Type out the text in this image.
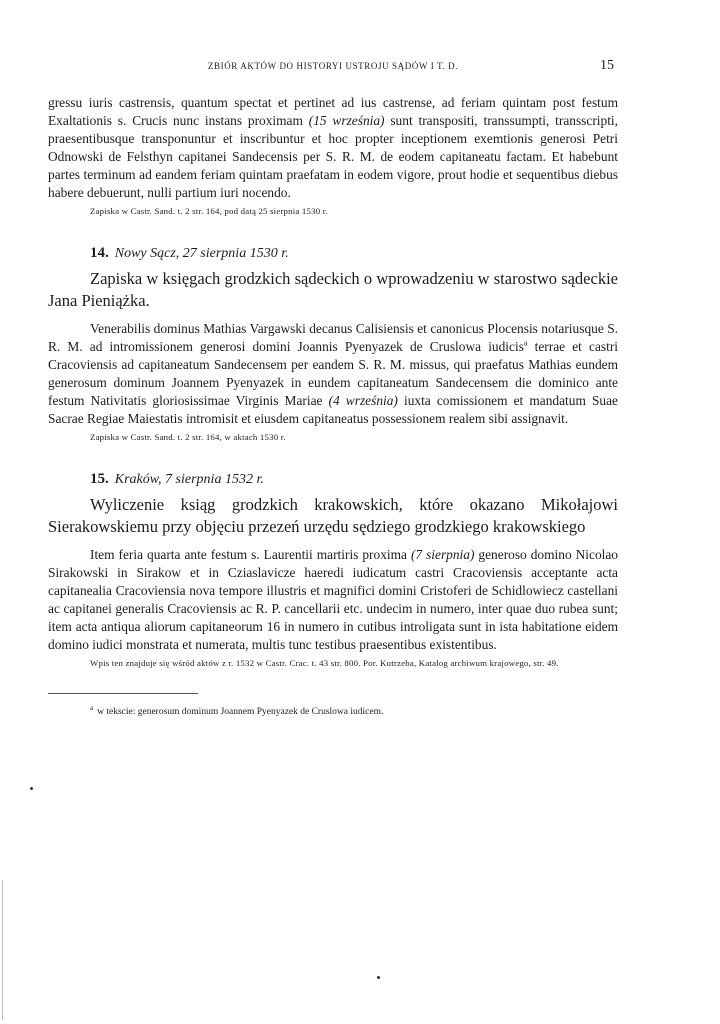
ZBIÓR AKTÓW DO HISTORYI USTROJU SĄDÓW I T. D.	15

gressu iuris castrensis, quantum spectat et pertinet ad ius castrense, ad feriam quintam post festum Exaltationis s. Crucis nunc instans proximam (15 września) sunt transpositi, transsumpti, transscripti, praesentibusque transponuntur et inscribuntur et hoc propter inceptionem exemtionis generosi Petri Odnowski de Felsthyn capitanei Sandecensis per S. R. M. de eodem capitaneatu factam. Et habebunt partes terminum ad eandem feriam quintam praefatam in eodem vigore, prout hodie et sequentibus diebus habere debuerunt, nulli partium iuri nocendo.

Zapiska w Castr. Sand. t. 2 str. 164, pod datą 25 sierpnia 1530 r.
14. Nowy Sącz, 27 sierpnia 1530 r.
Zapiska w księgach grodzkich sądeckich o wprowadzeniu w starostwo sądeckie Jana Pieniążka.

Venerabilis dominus Mathias Vargawski decanus Calisiensis et canonicus Plocensis notariusque S. R. M. ad intromissionem generosi domini Joannis Pyenyazek de Cruslowa iudicis$^a$ terrae et castri Cracoviensis ad capitaneatum Sandecensem per eandem S. R. M. missus, qui praefatus Mathias eundem generosum dominum Joannem Pyenyazek in eundem capitaneatum Sandecensem die dominico ante festum Nativitatis gloriosissimae Virginis Mariae (4 września) iuxta comissionem et mandatum Suae Sacrae Regiae Maiestatis intromisit et eiusdem capitaneatus possessionem realem sibi assignavit.

Zapiska w Castr. Sand. t. 2 str. 164, w aktach 1530 r.
15. Kraków, 7 sierpnia 1532 r.
Wyliczenie ksiąg grodzkich krakowskich, które okazano Mikołajowi Sierakowskiemu przy objęciu przezeń urzędu sędziego grodzkiego krakowskiego

Item feria quarta ante festum s. Laurentii martiris proxima (7 sierpnia) generoso domino Nicolao Sirakowski in Sirakow et in Cziaslavicze haeredi iudicatum castri Cracoviensis acceptante acta capitanealia Cracoviensia nova tempore illustris et magnifici domini Cristoferi de Schidlowiecz castellani ac capitanei generalis Cracoviensis ac R. P. cancellarii etc. undecim in numero, inter quae duo rubea sunt; item acta antiqua aliorum capitaneorum 16 in numero in cutibus introligata sunt in ista habitatione eidem domino iudici monstrata et numerata, multis tunc testibus praesentibus existentibus.

Wpis ten znajduje się wśród aktów z r. 1532 w Castr. Crac. t. 43 str. 800. Por. Kutrzeba, Katalog archiwum krajowego, str. 49.
$^a$ w tekscie: generosum dominum Joannem Pyenyazek de Cruslowa iudicem.
